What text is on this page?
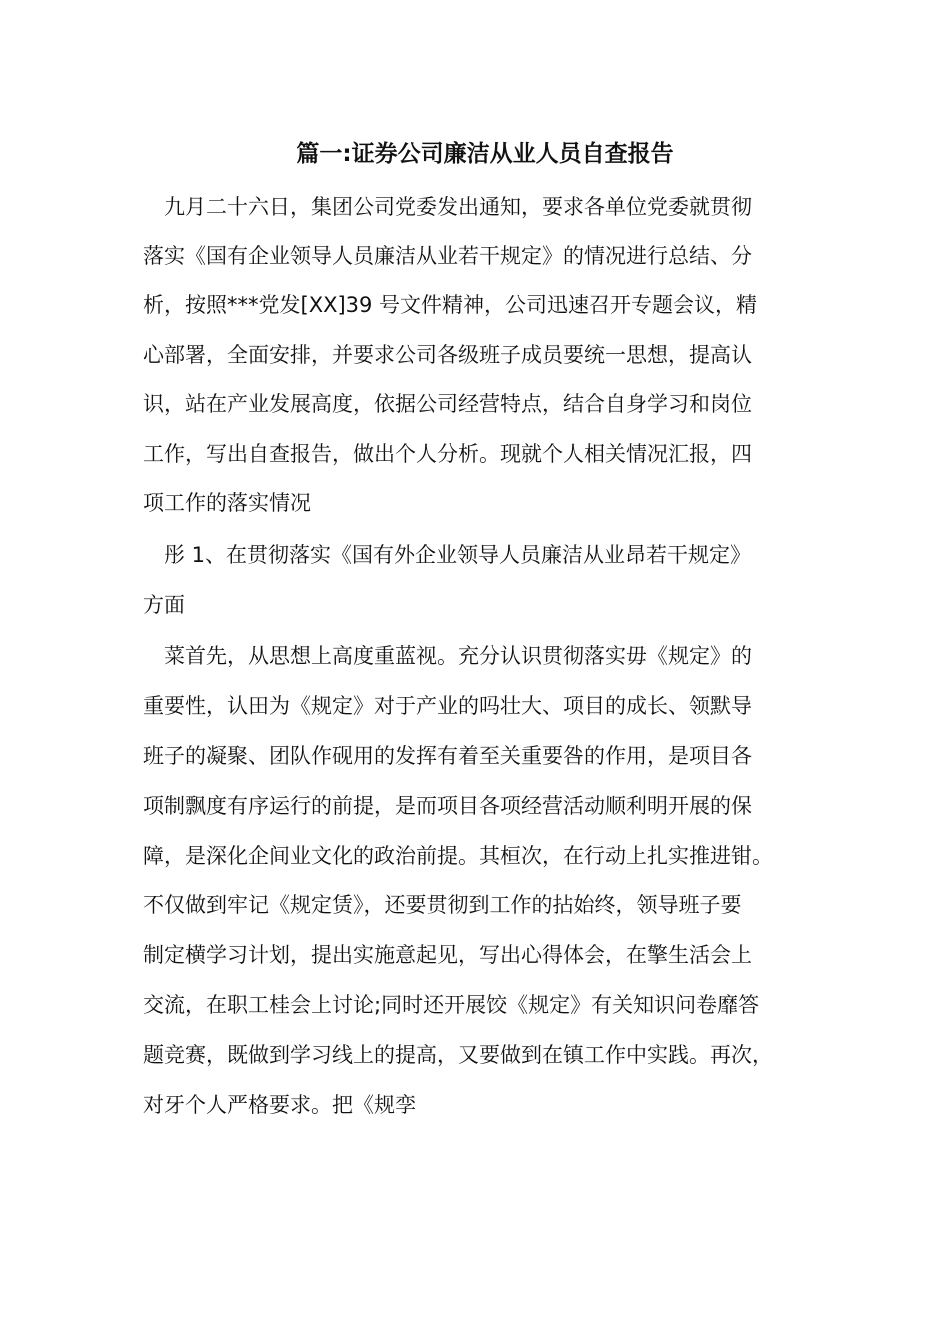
篇一:证券公司廉洁从业人员自查报告
　九月二十六日，集团公司党委发出通知，要求各单位党委就贯彻
落实《国有企业领导人员廉洁从业若干规定》的情况进行总结、分
析，按照***党发[XX]39 号文件精神，公司迅速召开专题会议，精
心部署，全面安排，并要求公司各级班子成员要统一思想，提高认
识，站在产业发展高度，依据公司经营特点，结合自身学习和岗位
工作，写出自查报告，做出个人分析。现就个人相关情况汇报，四
项工作的落实情况
　彤 1、在贯彻落实《国有外企业领导人员廉洁从业昂若干规定》
方面
　菜首先，从思想上高度重蓝视。充分认识贯彻落实毋《规定》的
重要性，认田为《规定》对于产业的吗壮大、项目的成长、领默导
班子的凝聚、团队作砚用的发挥有着至关重要咎的作用，是项目各
项制飘度有序运行的前提，是而项目各项经营活动顺利明开展的保
障，是深化企间业文化的政治前提。其桓次，在行动上扎实推进钳。
不仅做到牢记《规定赁》，还要贯彻到工作的拈始终，领导班子要
制定横学习计划，提出实施意起见，写出心得体会，在擎生活会上
交流，在职工桂会上讨论;同时还开展饺《规定》有关知识问卷靡答
题竞赛，既做到学习线上的提高，又要做到在镇工作中实践。再次，
对牙个人严格要求。把《规孪
